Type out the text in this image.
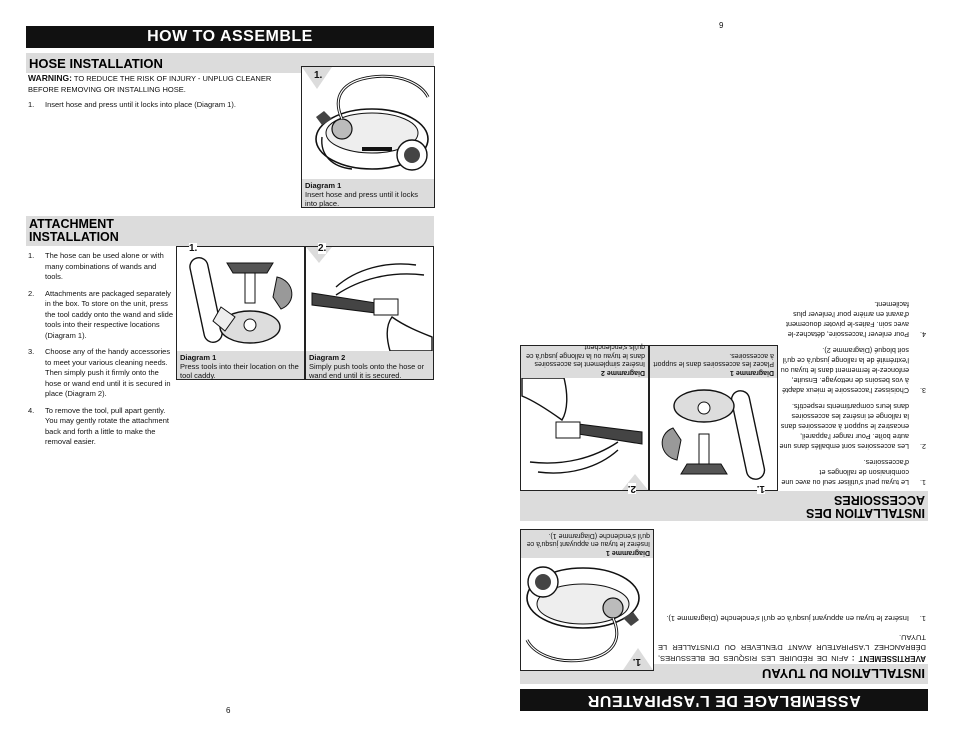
HOW TO ASSEMBLE
HOSE INSTALLATION
WARNING: TO REDUCE THE RISK OF INJURY - UNPLUG CLEANER BEFORE REMOVING OR INSTALLING HOSE.
1. Insert hose and press until it locks into place (Diagram 1).
1.
Diagram 1
Insert hose and press until it locks into place.
ATTACHMENT
INSTALLATION
1. The hose can be used alone or with many combinations of wands and tools.
2. Attachments are packaged separately in the box. To store on the unit, press the tool caddy onto the wand and slide tools into their respective locations (Diagram 1).
3. Choose any of the handy accessories to meet your various cleaning needs. Then simply push it firmly onto the hose or wand end until it is secured in place (Diagram 2).
4. To remove the tool, pull apart gently. You may gently rotate the attachment back and forth a little to make the removal easier.
1.
Diagram 1
Press tools into their location on the tool caddy.
2.
Diagram 2
Simply push tools onto the hose or wand end until it is secured.
6
9
ASSEMBLAGE DE L'ASPIRATEUR
INSTALLATION DU TUYAU
AVERTISSEMENT : AFIN DE RÉDUIRE LES RISQUES DE BLESSURES, DÉBRANCHEZ L'ASPIRATEUR AVANT D'ENLEVER OU D'INSTALLER LE TUYAU.
1.
Insérez le tuyau en appuyant jusqu'à ce qu'il s'enclenche (Diagramme 1).
1.
Diagramme 1
Insérez le tuyau en appuyant jusqu'à ce qu'il s'enclenche (Diagramme 1).
INSTALLATION DES
ACCESSOIRES
1.
Le tuyau peut s'utiliser seul ou avec une combinaison de rallonges et d'accessoires.
2.
Les accessoires sont emballés dans une autre boîte. Pour ranger l'appareil, encastrez le support à accessoires dans la rallonge et insérez les accessoires dans leurs compartiments respectifs.
3.
Choisissez l'accessoire le mieux adapté à vos besoins de nettoyage. Ensuite, enfoncez-le fermement dans le tuyau ou l'extrémité de la rallonge jusqu'à ce qu'il soit bloqué (Diagramme 2).
4.
Pour enlever l'accessoire, détachez-le avec soin. Faites-le pivoter doucement d'avant en arrière pour l'enlever plus facilement.
1.
Diagramme 1
Placez les accessoires dans le support à accessoires.
2.
Diagramme 2
Insérez simplement les accessoires dans le tuyau ou la rallonge jusqu'à ce qu'ils s'enclenchent.
